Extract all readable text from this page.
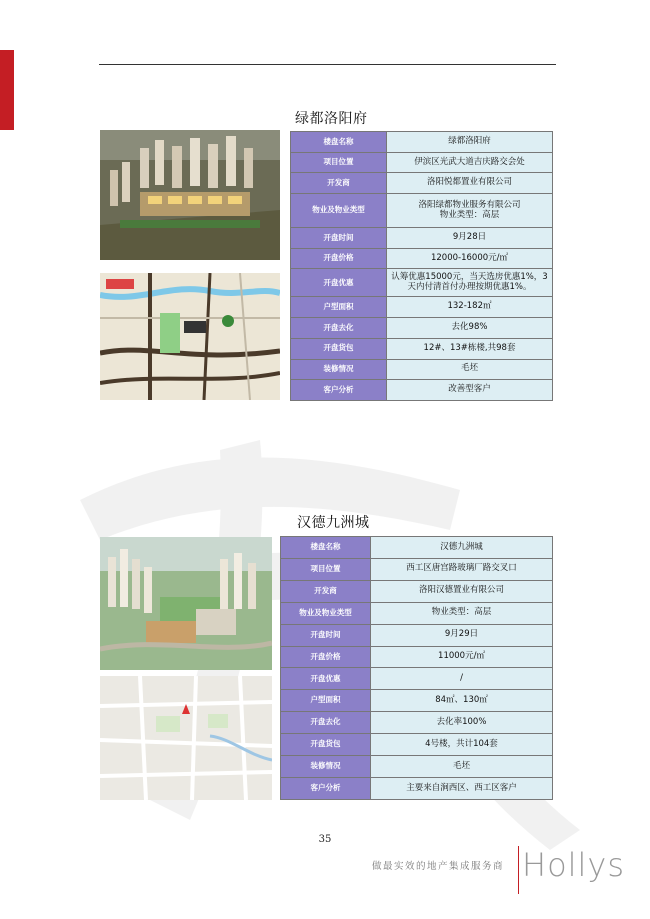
绿都洛阳府
楼盘名称	绿都洛阳府
项目位置	伊滨区光武大道吉庆路交会处
开发商	洛阳悦都置业有限公司
物业及物业类型	洛阳绿都物业服务有限公司
物业类型：高层

开盘时间	9月28日
开盘价格	12000-16000元/㎡
开盘优惠	认筹优惠15000元，当天选房优惠1%，3天内付清首付办理按期优惠1%。
户型面积	132-182㎡
开盘去化	去化98%
开盘货包	12#、13#栋楼,共98套
装修情况	毛坯
客户分析	改善型客户
汉德九洲城
楼盘名称	汉德九洲城
项目位置	西工区唐宫路玻璃厂路交叉口
开发商	洛阳汉德置业有限公司
物业及物业类型	物业类型：高层
开盘时间	9月29日
开盘价格	11000元/㎡
开盘优惠	/
户型面积	84㎡、130㎡
开盘去化	去化率100%
开盘货包	4号楼，共计104套
装修情况	毛坯
客户分析	主要来自涧西区、西工区客户
35
做最实效的地产集成服务商 Hollys
